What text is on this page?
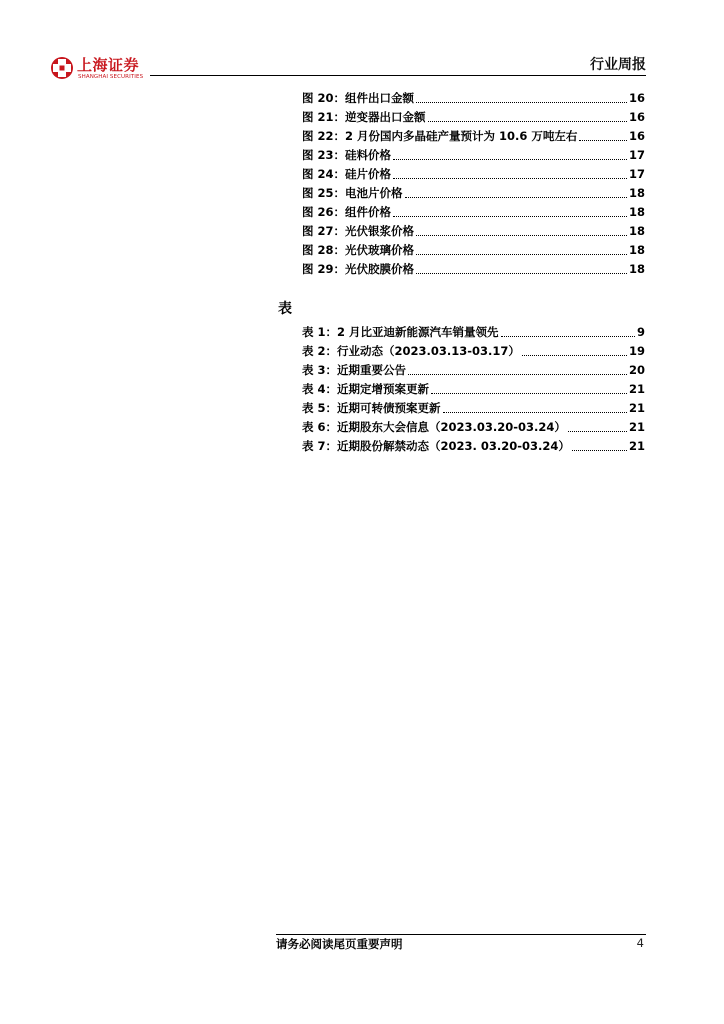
上海证券
SHANGHAI SECURITIES
行业周报
图 20：组件出口金额	16
图 21：逆变器出口金额	16
图 22：2 月份国内多晶硅产量预计为 10.6 万吨左右	16
图 23：硅料价格	17
图 24：硅片价格	17
图 25：电池片价格	18
图 26：组件价格	18
图 27：光伏银浆价格	18
图 28：光伏玻璃价格	18
图 29：光伏胶膜价格	18
表
表 1：2 月比亚迪新能源汽车销量领先	9
表 2：行业动态（2023.03.13-03.17）	19
表 3：近期重要公告	20
表 4：近期定增预案更新	21
表 5：近期可转债预案更新	21
表 6：近期股东大会信息（2023.03.20-03.24）	21
表 7：近期股份解禁动态（2023. 03.20-03.24）	21
请务必阅读尾页重要声明	4
